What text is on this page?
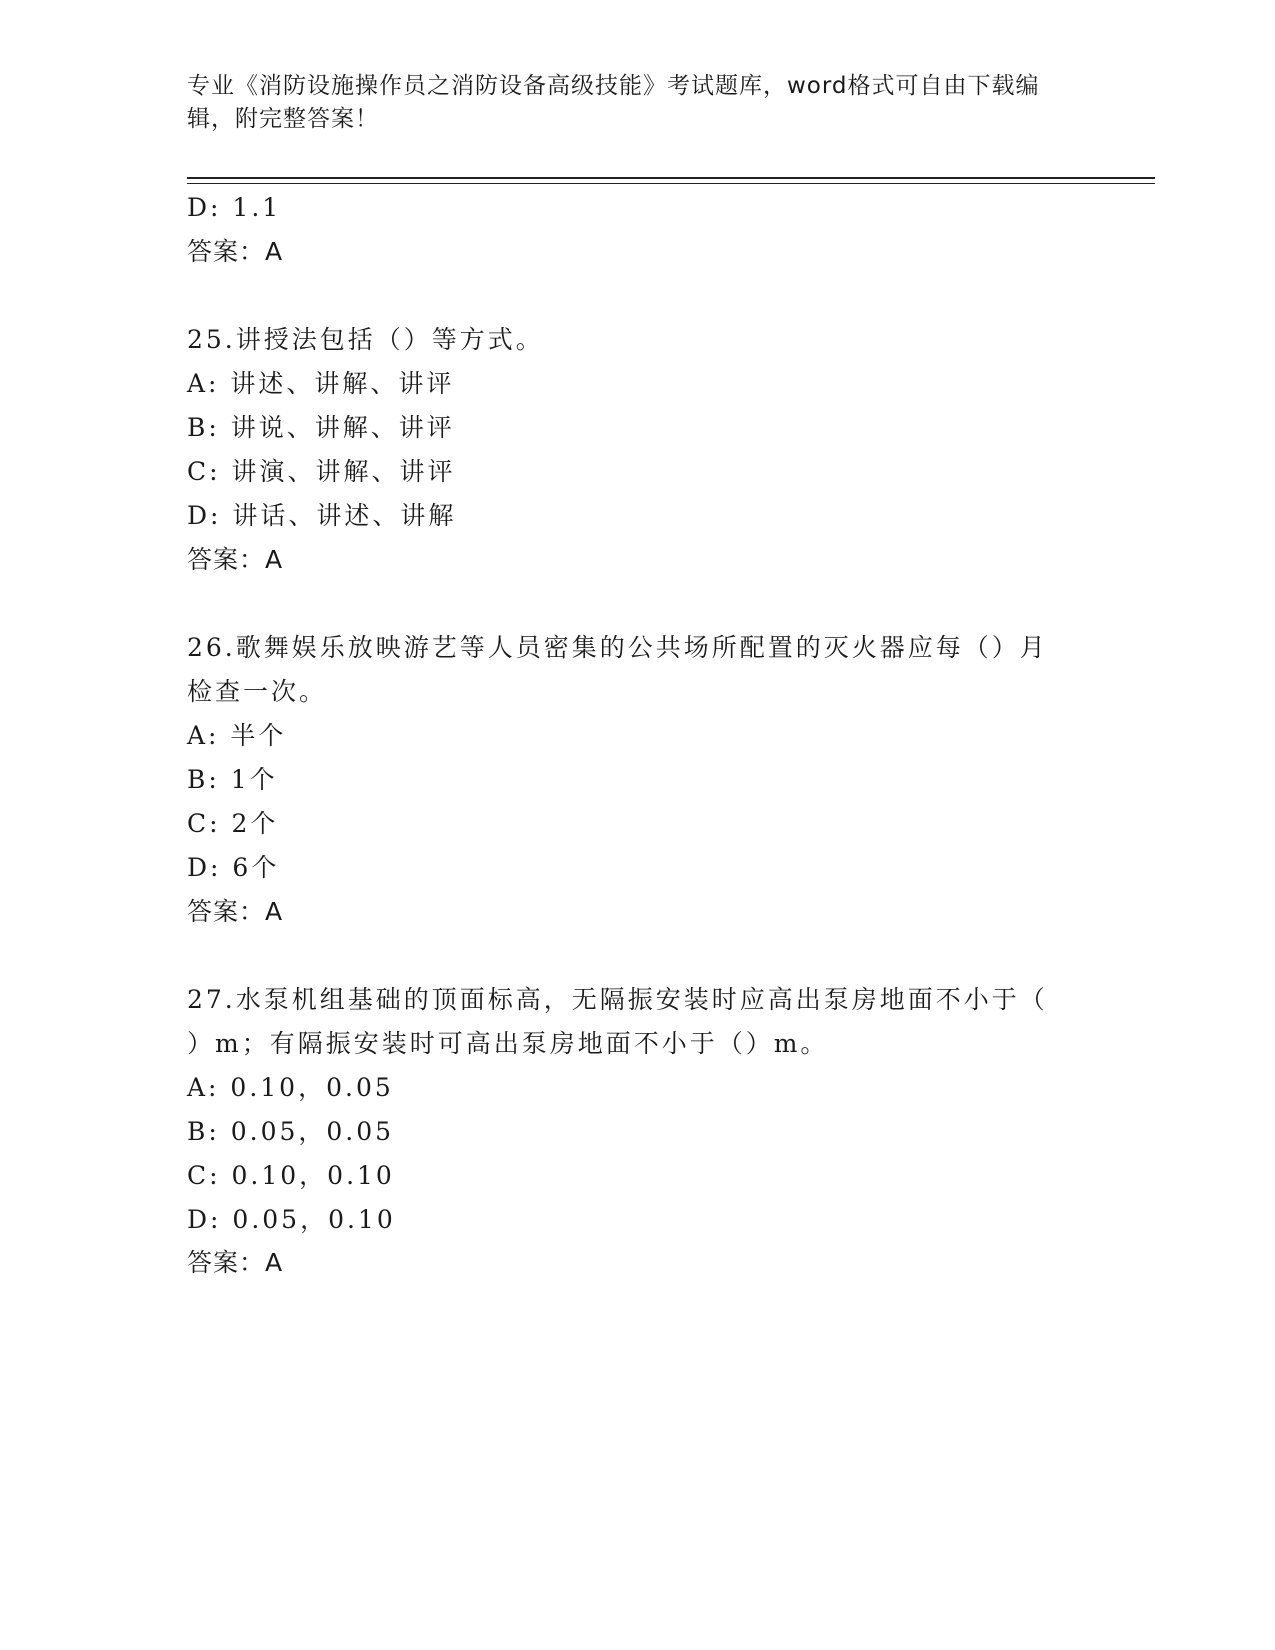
专业《消防设施操作员之消防设备高级技能》考试题库，word格式可自由下载编
辑，附完整答案！
D: 1.1
答案：A
25.讲授法包括（）等方式。
A: 讲述、讲解、讲评
B: 讲说、讲解、讲评
C: 讲演、讲解、讲评
D: 讲话、讲述、讲解
答案：A
26.歌舞娱乐放映游艺等人员密集的公共场所配置的灭火器应每（）月
检查一次。
A: 半个
B: 1个
C: 2个
D: 6个
答案：A
27.水泵机组基础的顶面标高，无隔振安装时应高出泵房地面不小于（
）m；有隔振安装时可高出泵房地面不小于（）m。
A: 0.10，0.05
B: 0.05，0.05
C: 0.10，0.10
D: 0.05，0.10
答案：A
